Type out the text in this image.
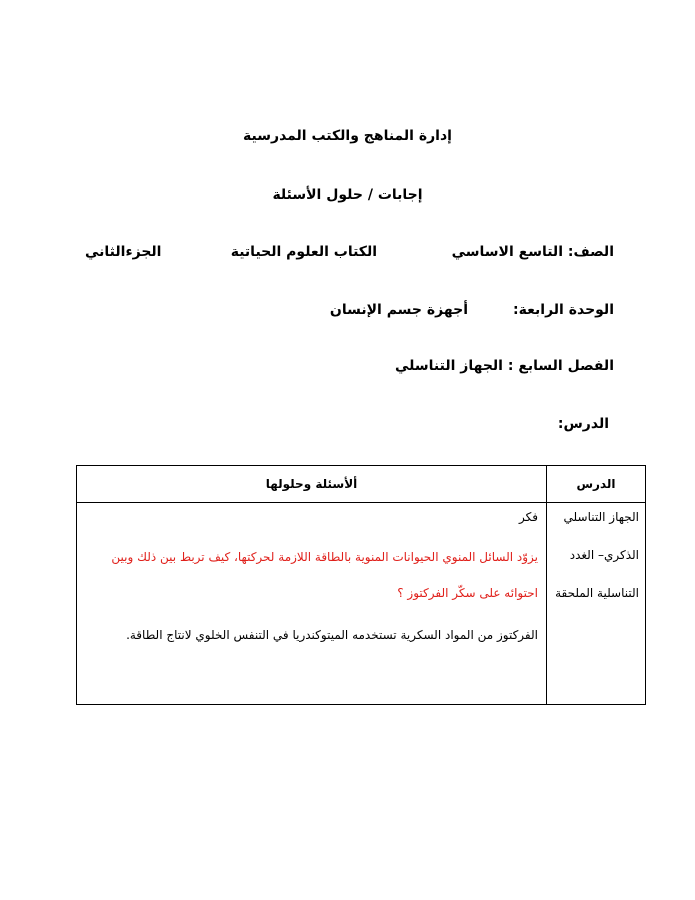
إدارة المناهج والكتب المدرسية
إجابات / حلول الأسئلة
الصف: التاسع الاساسي
الكتاب العلوم الحياتية
الجزءالثاني
الوحدة الرابعة:
أجهزة جسم الإنسان
الفصل السابع : الجهاز التناسلي
الدرس:
الدرس	ألأسئلة وحلولها

الجهاز التناسلي
الذكري– الغدد
التناسلية الملحقة	فكر
يزوّد السائل المنوي الحيوانات المنوية بالطاقة اللازمة لحركتها، كيف تربط بين ذلك وبين
احتوائه على سكّر الفركتوز ؟
الفركتوز من المواد السكرية تستخدمه الميتوكندريا في التنفس الخلوي لانتاج الطاقة.
